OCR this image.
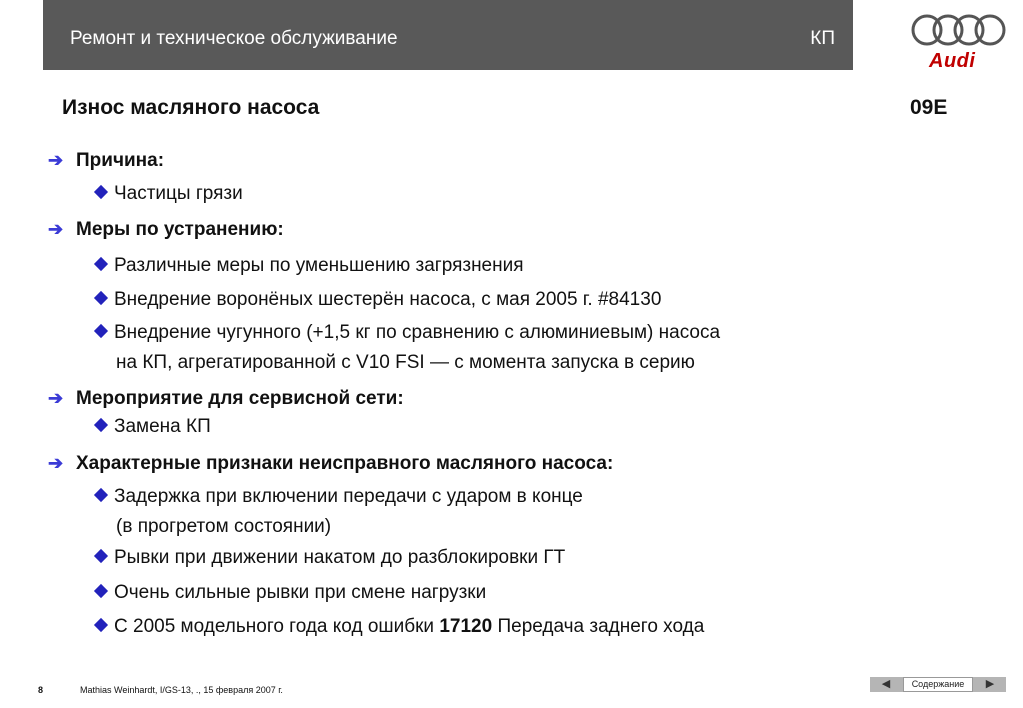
Ремонт и техническое обслуживание	КП
Audi
Износ масляного насоса	09E
➔ Причина:
Частицы грязи
➔ Меры по устранению:
Различные меры по уменьшению загрязнения
Внедрение воронёных шестерён насоса, с мая 2005 г. #84130
Внедрение чугунного (+1,5 кг по сравнению с алюминиевым) насоса
на КП, агрегатированной с V10 FSI — с момента запуска в серию
➔ Мероприятие для сервисной сети:
Замена КП
➔ Характерные признаки неисправного масляного насоса:
Задержка при включении передачи с ударом в конце
(в прогретом состоянии)
Рывки при движении накатом до разблокировки ГТ
Очень сильные рывки при смене нагрузки
С 2005 модельного года код ошибки 17120 Передача заднего хода
8	Mathias Weinhardt, I/GS-13, ., 15 февраля 2007 г.	◀	Содержание	▶
